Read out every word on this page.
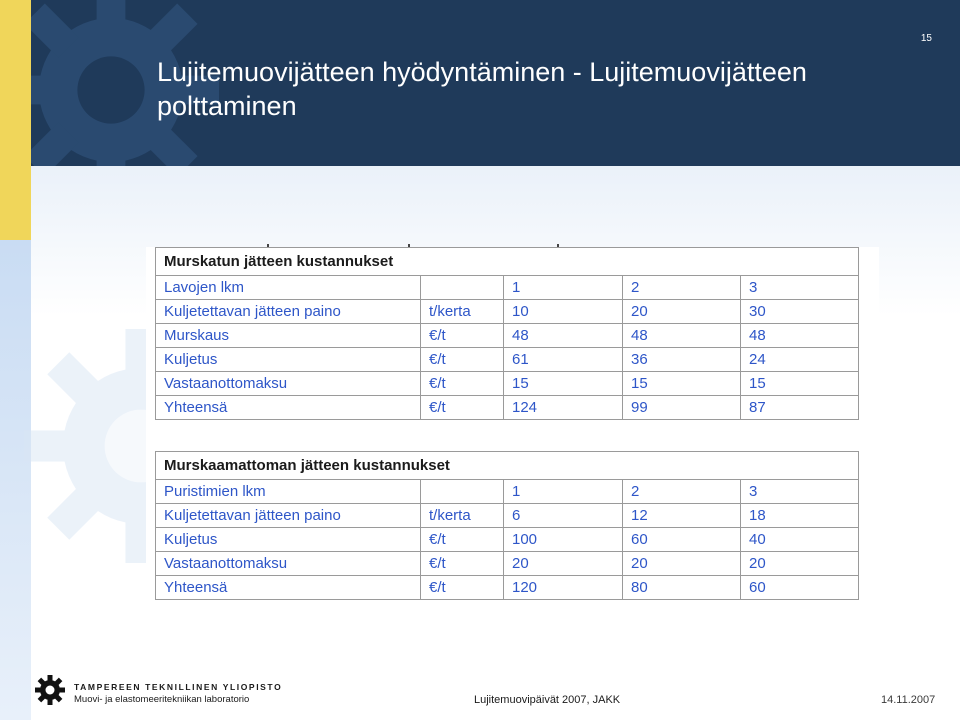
Lujitemuovijätteen hyödyntäminen - Lujitemuovijätteen polttaminen
15
Murskatun jätteen kustannukset				
Lavojen lkm		1	2	3
Kuljetettavan jätteen paino	t/kerta	10	20	30
Murskaus	€/t	48	48	48
Kuljetus	€/t	61	36	24
Vastaanottomaksu	€/t	15	15	15
Yhteensä	€/t	124	99	87

Murskaamattoman jätteen kustannukset				
Puristimien lkm		1	2	3
Kuljetettavan jätteen paino	t/kerta	6	12	18
Kuljetus	€/t	100	60	40
Vastaanottomaksu	€/t	20	20	20
Yhteensä	€/t	120	80	60
TAMPEREEN TEKNILLINEN YLIOPISTO
Muovi- ja elastomeeritekniikan laboratorio	Lujitemuovipäivät 2007, JAKK	14.11.2007
